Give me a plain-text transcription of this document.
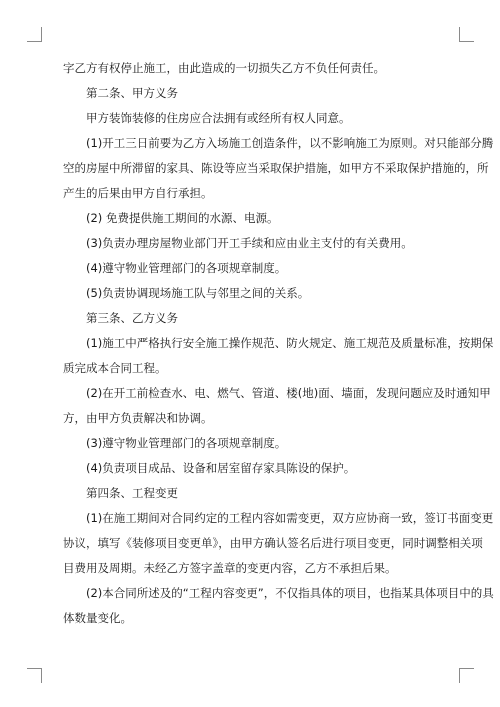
字乙方有权停止施工，由此造成的一切损失乙方不负任何责任。
第二条、甲方义务
甲方装饰装修的住房应合法拥有或经所有权人同意。
(1)开工三日前要为乙方入场施工创造条件，以不影响施工为原则。对只能部分腾
空的房屋中所滞留的家具、陈设等应当采取保护措施，如甲方不采取保护措施的，所
产生的后果由甲方自行承担。
(2) 免费提供施工期间的水源、电源。
(3)负责办理房屋物业部门开工手续和应由业主支付的有关费用。
(4)遵守物业管理部门的各项规章制度。
(5)负责协调现场施工队与邻里之间的关系。
第三条、乙方义务
(1)施工中严格执行安全施工操作规范、防火规定、施工规范及质量标准，按期保
质完成本合同工程。
(2)在开工前检查水、电、燃气、管道、楼(地)面、墙面，发现问题应及时通知甲
方，由甲方负责解决和协调。
(3)遵守物业管理部门的各项规章制度。
(4)负责项目成品、设备和居室留存家具陈设的保护。
第四条、工程变更
(1)在施工期间对合同约定的工程内容如需变更，双方应协商一致，签订书面变更
协议，填写《装修项目变更单》，由甲方确认签名后进行项目变更，同时调整相关项
目费用及周期。未经乙方签字盖章的变更内容，乙方不承担后果。
(2)本合同所述及的“工程内容变更”，不仅指具体的项目，也指某具体项目中的具
体数量变化。
